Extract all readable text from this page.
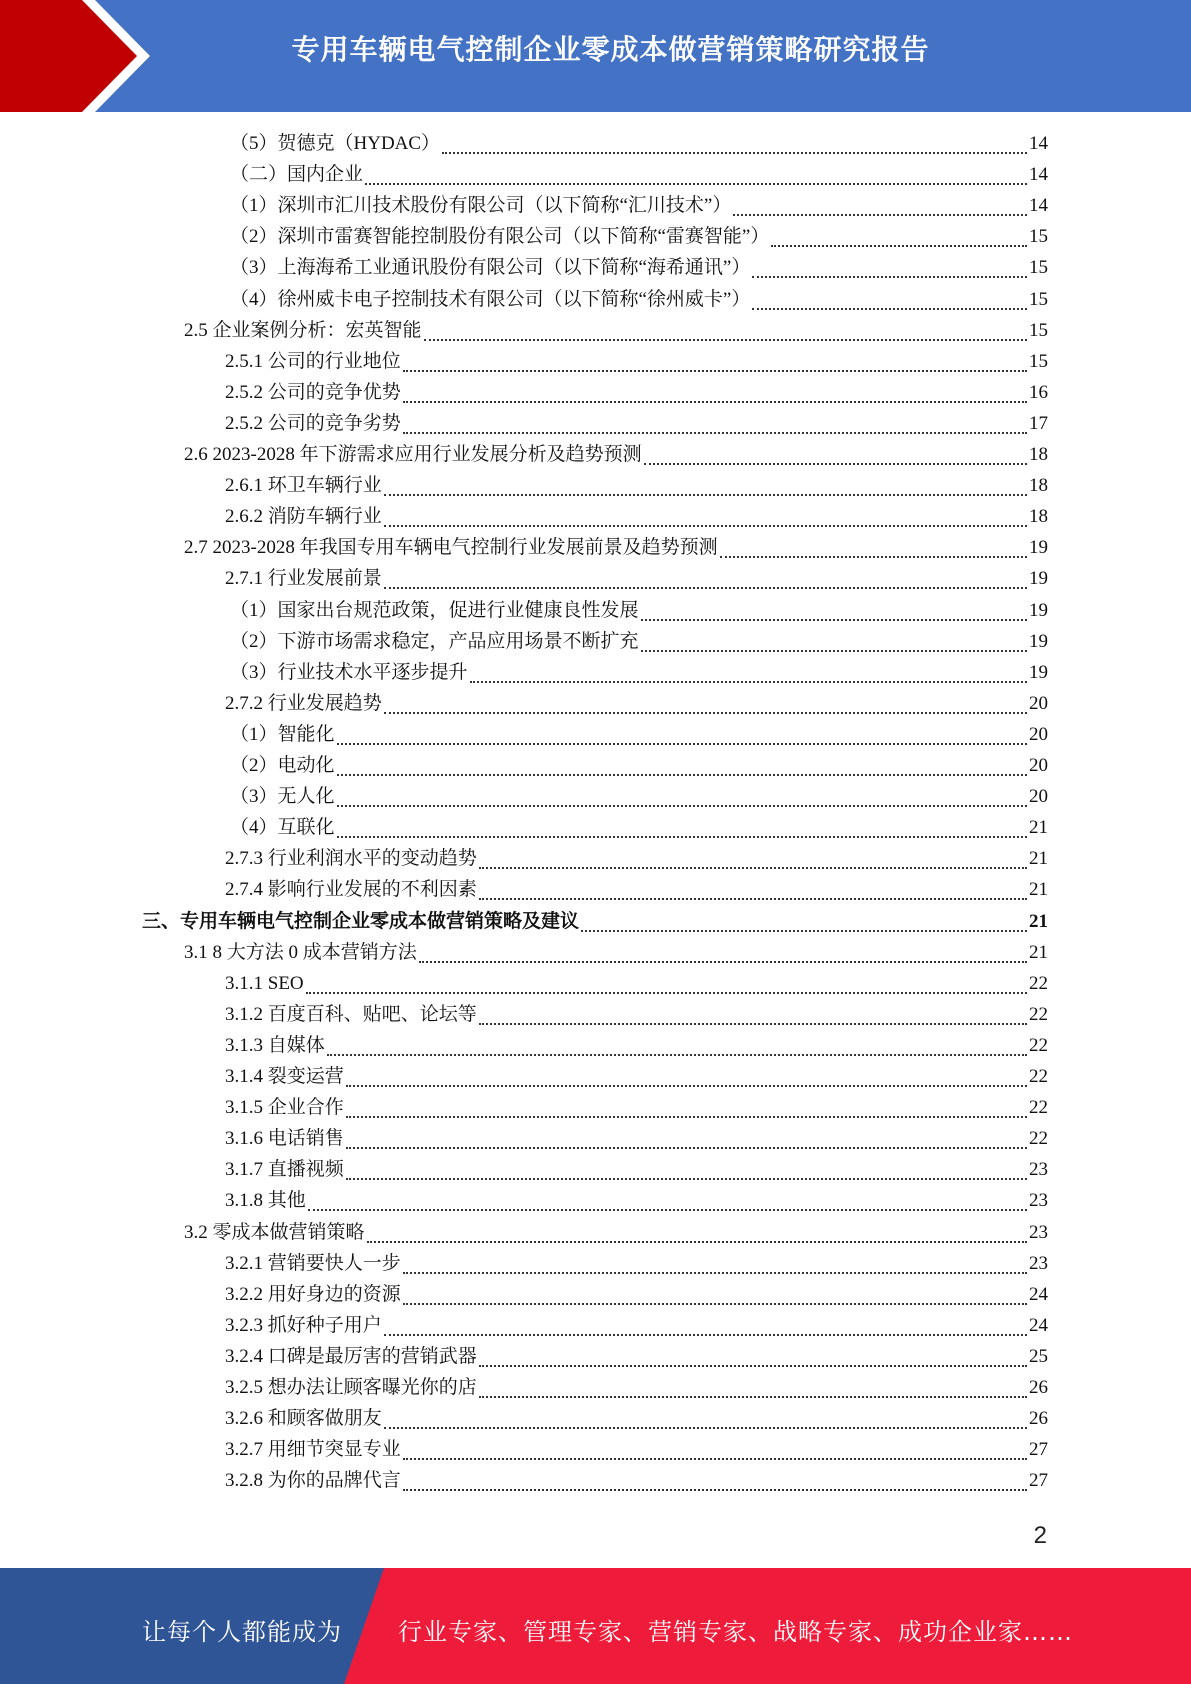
专用车辆电气控制企业零成本做营销策略研究报告
（5）贺德克（HYDAC）	14
（二）国内企业	14
（1）深圳市汇川技术股份有限公司（以下简称“汇川技术”）	14
（2）深圳市雷赛智能控制股份有限公司（以下简称“雷赛智能”）	15
（3）上海海希工业通讯股份有限公司（以下简称“海希通讯”）	15
（4）徐州威卡电子控制技术有限公司（以下简称“徐州威卡”）	15
2.5 企业案例分析：宏英智能	15
2.5.1 公司的行业地位	15
2.5.2 公司的竞争优势	16
2.5.2 公司的竞争劣势	17
2.6 2023-2028 年下游需求应用行业发展分析及趋势预测	18
2.6.1 环卫车辆行业	18
2.6.2 消防车辆行业	18
2.7 2023-2028 年我国专用车辆电气控制行业发展前景及趋势预测	19
2.7.1 行业发展前景	19
（1）国家出台规范政策，促进行业健康良性发展	19
（2）下游市场需求稳定，产品应用场景不断扩充	19
（3）行业技术水平逐步提升	19
2.7.2 行业发展趋势	20
（1）智能化	20
（2）电动化	20
（3）无人化	20
（4）互联化	21
2.7.3 行业利润水平的变动趋势	21
2.7.4 影响行业发展的不利因素	21
三、专用车辆电气控制企业零成本做营销策略及建议	21
3.1 8 大方法 0 成本营销方法	21
3.1.1 SEO	22
3.1.2 百度百科、贴吧、论坛等	22
3.1.3 自媒体	22
3.1.4 裂变运营	22
3.1.5 企业合作	22
3.1.6 电话销售	22
3.1.7 直播视频	23
3.1.8 其他	23
3.2 零成本做营销策略	23
3.2.1 营销要快人一步	23
3.2.2 用好身边的资源	24
3.2.3 抓好种子用户	24
3.2.4 口碑是最厉害的营销武器	25
3.2.5 想办法让顾客曝光你的店	26
3.2.6 和顾客做朋友	26
3.2.7 用细节突显专业	27
3.2.8 为你的品牌代言	27
2
让每个人都能成为 行业专家、管理专家、营销专家、战略专家、成功企业家……
